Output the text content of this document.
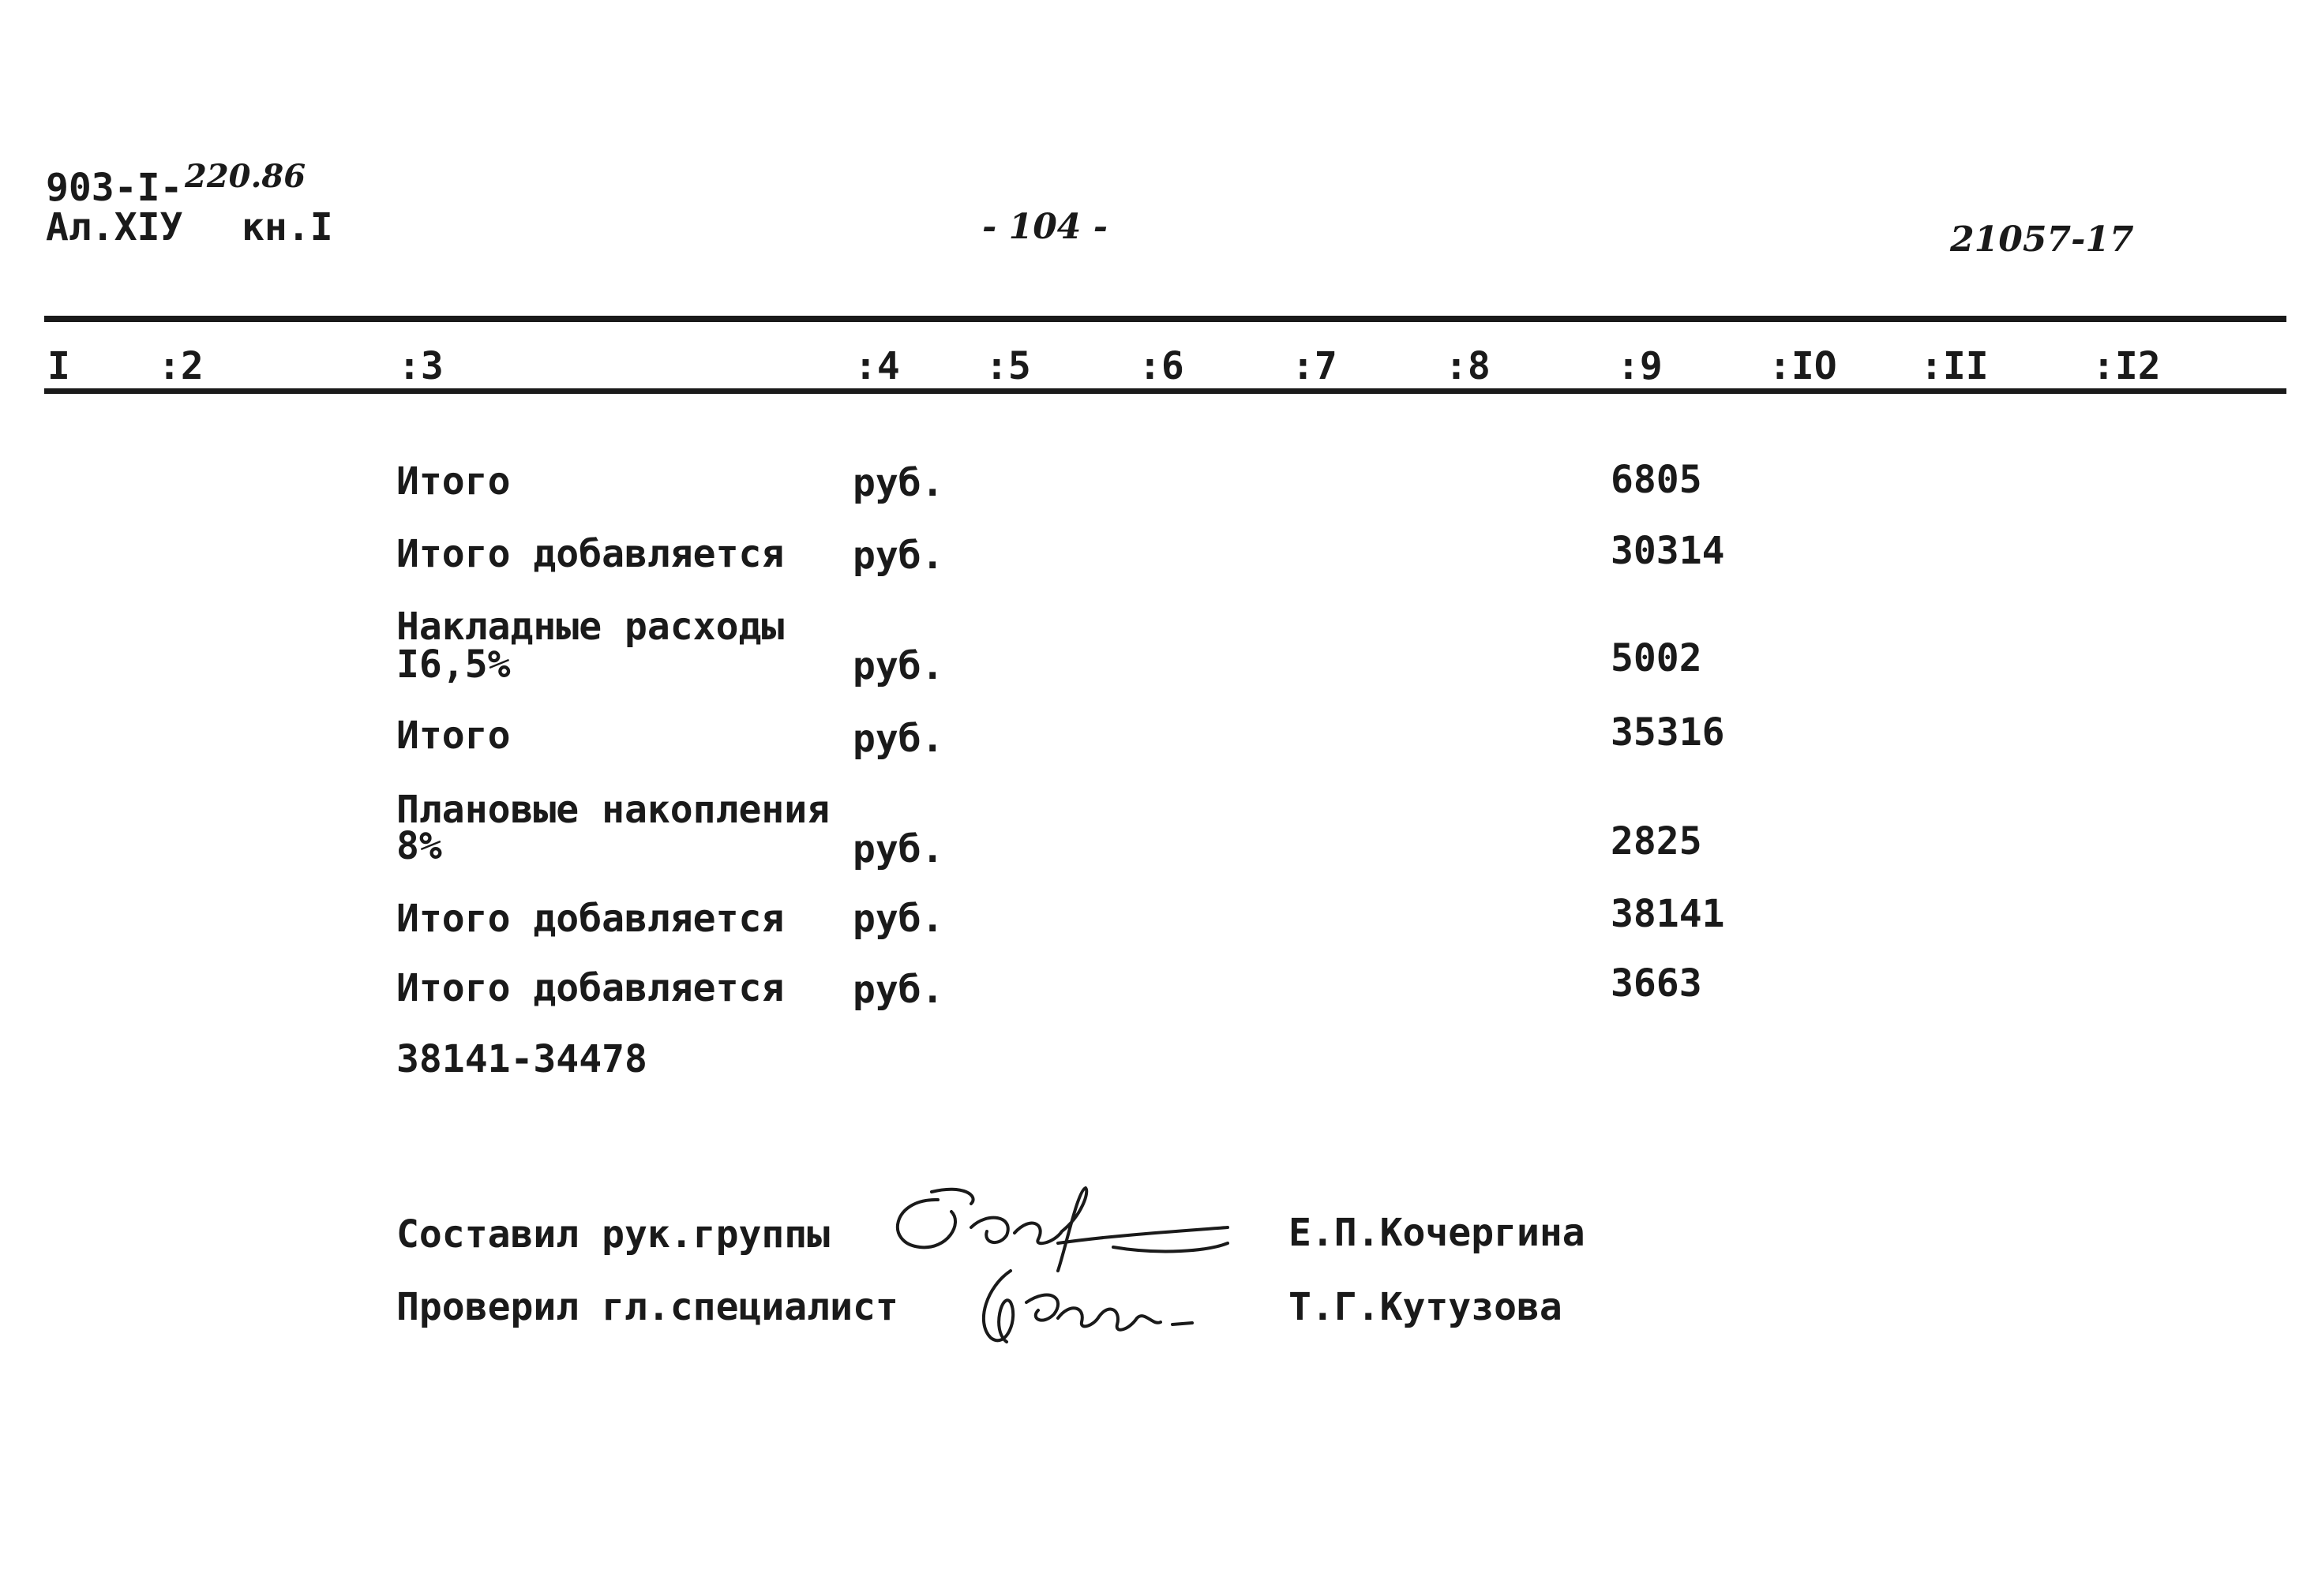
903-I- 220.86
Ал.XIУ кн.I	- 104 -	21057-17
I :2	:3	:4 :5	:6	:7	:8	:9	:IO :II	:I2
Итого	руб.	6805
Итого добавляется руб.	30314
Накладные расходы
I6,5%	руб.	5002
Итого	руб.	35316
Плановые накопления
8%	руб.	2825
Итого добавляется руб.	38141
Итого добавляется руб.	3663
38141-34478
Составил рук.группы	Е.П.Кочергина
Проверил гл.специалист	Т.Г.Кутузова
